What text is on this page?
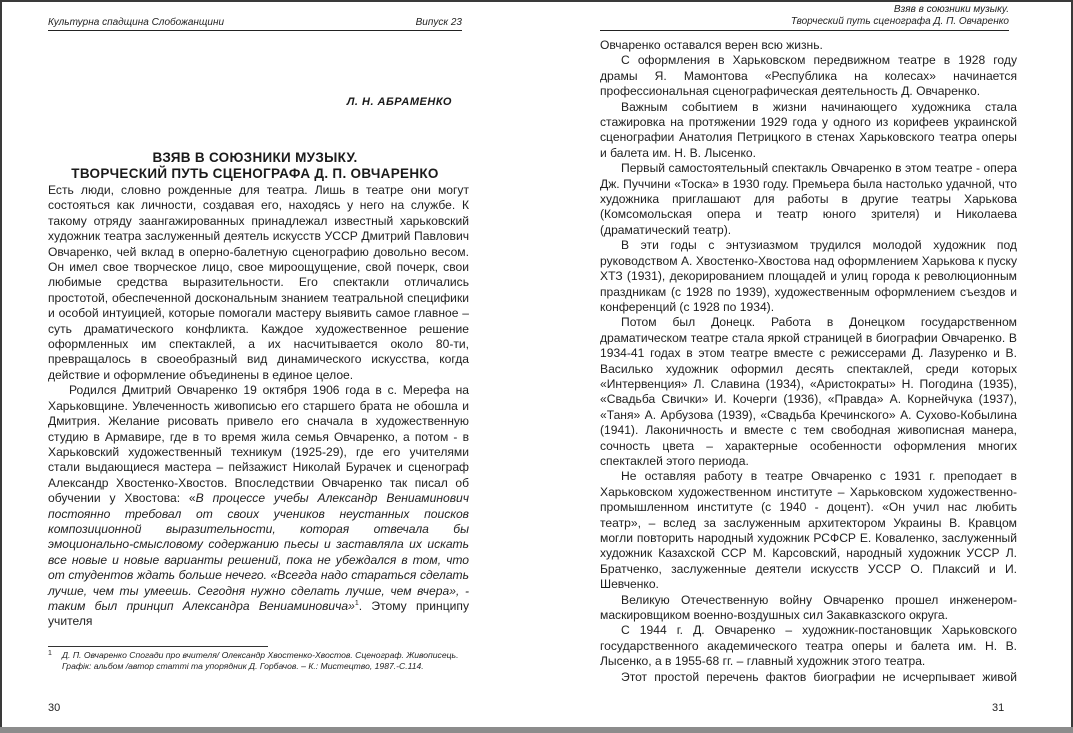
Культурна спадщина Слобожанщини	Випуск 23
Л. Н. АБРАМЕНКО
ВЗЯВ В СОЮЗНИКИ МУЗЫКУ.
ТВОРЧЕСКИЙ ПУТЬ СЦЕНОГРАФА Д. П. ОВЧАРЕНКО

Есть люди, словно рожденные для театра. Лишь в театре они могут состояться как личности, создавая его, находясь у него на службе. К такому отряду заангажированных принадлежал известный харьковский художник театра заслуженный деятель искусств УССР Дмитрий Павлович Овчаренко, чей вклад в оперно-балетную сценографию довольно весом. Он имел свое творческое лицо, свое мироощущение, свой почерк, свои любимые средства выразительности. Его спектакли отличались простотой, обеспеченной доскональным знанием театральной специфики и особой интуицией, которые помогали мастеру выявить самое главное – суть драматического конфликта. Каждое художественное решение оформленных им спектаклей, а их насчитывается около 80-ти, превращалось в своеобразный вид динамического искусства, когда действие и оформление объединены в единое целое.

Родился Дмитрий Овчаренко 19 октября 1906 года в с. Мерефа на Харьковщине. Увлеченность живописью его старшего брата не обошла и Дмитрия. Желание рисовать привело его сначала в художественную студию в Армавире, где в то время жила семья Овчаренко, а потом - в Харьковский художественный техникум (1925-29), где его учителями стали выдающиеся мастера – пейзажист Николай Бурачек и сценограф Александр Хвостенко-Хвостов. Впоследствии Овчаренко так писал об обучении у Хвостова: «В процессе учебы Александр Вениаминович постоянно требовал от своих учеников неустанных поисков композиционной выразительности, которая отвечала бы эмоционально-смысловому содержанию пьесы и заставляла их искать все новые и новые варианты решений, пока не убеждался в том, что от студентов ждать больше нечего. «Всегда надо стараться сделать лучше, чем ты умеешь. Сегодня нужно сделать лучше, чем вчера», - таким был принцип Александра Вениаминовича»$^1$. Этому принципу учителя

1 Д. П. Овчаренко Спогади про вчителя/ Олександр Хвостенко-Хвостов. Сценограф. Живописець. Графік: альбом /автор статті та упорядник Д. Горбачов. – К.: Мистецтво, 1987.-С.114.
30
Взяв в союзники музыку.
Творческий путь сценографа Д. П. Овчаренко

Овчаренко оставался верен всю жизнь.

С оформления в Харьковском передвижном театре в 1928 году драмы Я. Мамонтова «Республика на колесах» начинается профессиональная сценографическая деятельность Д. Овчаренко.

Важным событием в жизни начинающего художника стала стажировка на протяжении 1929 года у одного из корифеев украинской сценографии Анатолия Петрицкого в стенах Харьковского театра оперы и балета им. Н. В. Лысенко.

Первый самостоятельный спектакль Овчаренко в этом театре - опера Дж. Пуччини «Тоска» в 1930 году. Премьера была настолько удачной, что художника приглашают для работы в другие театры Харькова (Комсомольская опера и театр юного зрителя) и Николаева (драматический театр).

В эти годы с энтузиазмом трудился молодой художник под руководством А. Хвостенко-Хвостова над оформлением Харькова к пуску ХТЗ (1931), декорированием площадей и улиц города к революционным праздникам (с 1928 по 1939), художественным оформлением съездов и конференций (с 1928 по 1934).

Потом был Донецк. Работа в Донецком государственном драматическом театре стала яркой страницей в биографии Овчаренко. В 1934-41 годах в этом театре вместе с режиссерами Д. Лазуренко и В. Василько художник оформил десять спектаклей, среди которых «Интервенция» Л. Славина (1934), «Аристократы» Н. Погодина (1935), «Свадьба Свички» И. Кочерги (1936), «Правда» А. Корнейчука (1937), «Таня» А. Арбузова (1939), «Свадьба Кречинского» А. Сухово-Кобылина (1941). Лаконичность и вместе с тем свободная живописная манера, сочность цвета – характерные особенности оформления многих спектаклей этого периода.

Не оставляя работу в театре Овчаренко с 1931 г. преподает в Харьковском художественном институте – Харьковском художественно-промышленном институте (с 1940 - доцент). «Он учил нас любить театр», – вслед за заслуженным архитектором Украины В. Кравцом могли повторить народный художник РСФСР Е. Коваленко, заслуженный художник Казахской ССР М. Карсовский, народный художник УССР Л. Братченко, заслуженные деятели искусств УССР О. Плаксий и И. Шевченко.

Великую Отечественную войну Овчаренко прошел инженером-маскировщиком военно-воздушных сил Закавказского округа.

С 1944 г. Д. Овчаренко – художник-постановщик Харьковского государственного академического театра оперы и балета им. Н. В. Лысенко, а в 1955-68 гг. – главный художник этого театра.

Этот простой перечень фактов биографии не исчерпывает живой

31
